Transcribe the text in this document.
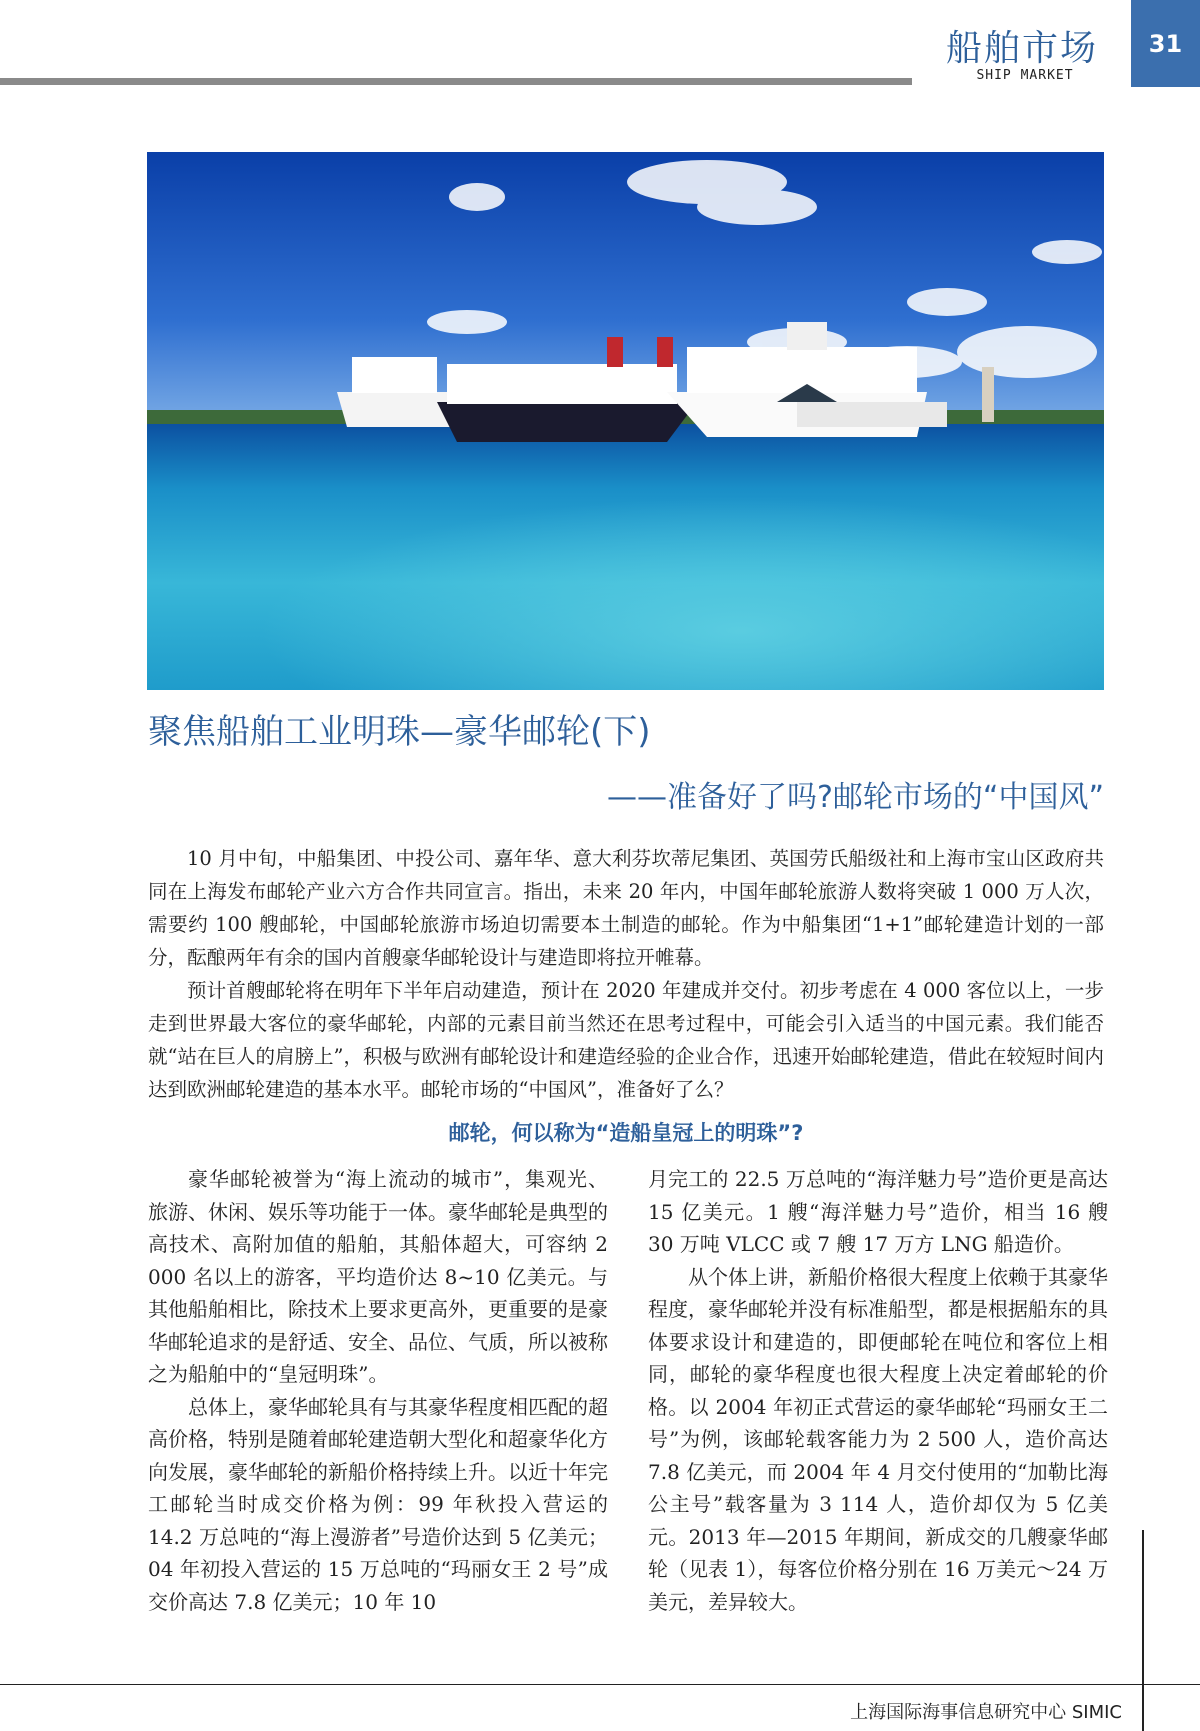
船舶市场
SHIP MARKET
31
聚焦船舶工业明珠—豪华邮轮(下)
——准备好了吗?邮轮市场的“中国风”

10 月中旬，中船集团、中投公司、嘉年华、意大利芬坎蒂尼集团、英国劳氏船级社和上海市宝山区政府共同在上海发布邮轮产业六方合作共同宣言。指出，未来 20 年内，中国年邮轮旅游人数将突破 1 000 万人次，需要约 100 艘邮轮，中国邮轮旅游市场迫切需要本土制造的邮轮。作为中船集团“1+1”邮轮建造计划的一部分，酝酿两年有余的国内首艘豪华邮轮设计与建造即将拉开帷幕。

预计首艘邮轮将在明年下半年启动建造，预计在 2020 年建成并交付。初步考虑在 4 000 客位以上，一步走到世界最大客位的豪华邮轮，内部的元素目前当然还在思考过程中，可能会引入适当的中国元素。我们能否就“站在巨人的肩膀上”，积极与欧洲有邮轮设计和建造经验的企业合作，迅速开始邮轮建造，借此在较短时间内达到欧洲邮轮建造的基本水平。邮轮市场的“中国风”，准备好了么？

邮轮，何以称为“造船皇冠上的明珠”?

豪华邮轮被誉为“海上流动的城市”，集观光、旅游、休闲、娱乐等功能于一体。豪华邮轮是典型的高技术、高附加值的船舶，其船体超大，可容纳 2 000 名以上的游客，平均造价达 8~10 亿美元。与其他船舶相比，除技术上要求更高外，更重要的是豪华邮轮追求的是舒适、安全、品位、气质，所以被称之为船舶中的“皇冠明珠”。

总体上，豪华邮轮具有与其豪华程度相匹配的超高价格，特别是随着邮轮建造朝大型化和超豪华化方向发展，豪华邮轮的新船价格持续上升。以近十年完工邮轮当时成交价格为例：99 年秋投入营运的 14.2 万总吨的“海上漫游者”号造价达到 5 亿美元；04 年初投入营运的 15 万总吨的“玛丽女王 2 号”成交价高达 7.8 亿美元；10 年 10

月完工的 22.5 万总吨的“海洋魅力号”造价更是高达 15 亿美元。1 艘“海洋魅力号”造价，相当 16 艘 30 万吨 VLCC 或 7 艘 17 万方 LNG 船造价。

从个体上讲，新船价格很大程度上依赖于其豪华程度，豪华邮轮并没有标准船型，都是根据船东的具体要求设计和建造的，即便邮轮在吨位和客位上相同，邮轮的豪华程度也很大程度上决定着邮轮的价格。以 2004 年初正式营运的豪华邮轮“玛丽女王二号”为例，该邮轮载客能力为 2 500 人，造价高达 7.8 亿美元，而 2004 年 4 月交付使用的“加勒比海公主号”载客量为 3 114 人，造价却仅为 5 亿美元。2013 年—2015 年期间，新成交的几艘豪华邮轮（见表 1），每客位价格分别在 16 万美元～24 万美元，差异较大。

上海国际海事信息研究中心 SIMIC
